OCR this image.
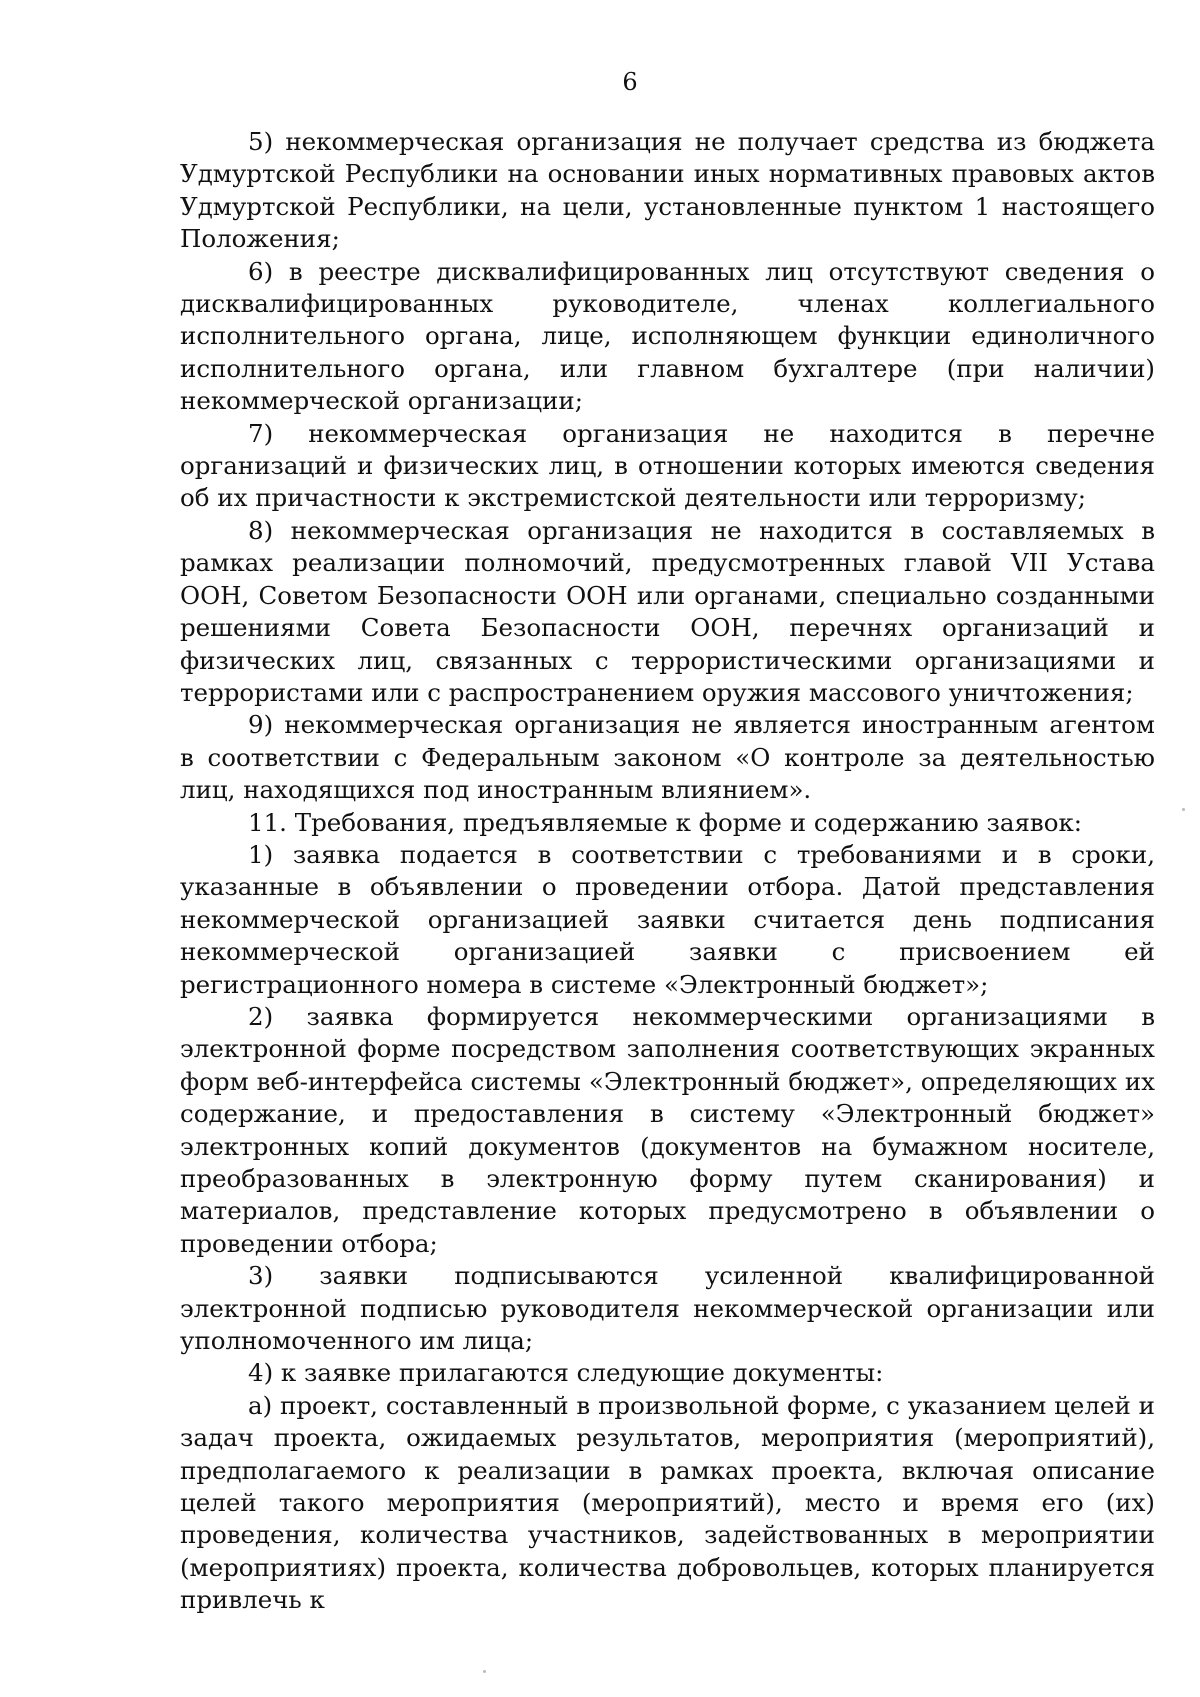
6

5) некоммерческая организация не получает средства из бюджета Удмуртской Республики на основании иных нормативных правовых актов Удмуртской Республики, на цели, установленные пунктом 1 настоящего Положения;

6) в реестре дисквалифицированных лиц отсутствуют сведения о дисквалифицированных руководителе, членах коллегиального исполнительного органа, лице, исполняющем функции единоличного исполнительного органа, или главном бухгалтере (при наличии) некоммерческой организации;

7) некоммерческая организация не находится в перечне организаций и физических лиц, в отношении которых имеются сведения об их причастности к экстремистской деятельности или терроризму;

8) некоммерческая организация не находится в составляемых в рамках реализации полномочий, предусмотренных главой VII Устава ООН, Советом Безопасности ООН или органами, специально созданными решениями Совета Безопасности ООН, перечнях организаций и физических лиц, связанных с террористическими организациями и террористами или с распространением оружия массового уничтожения;

9) некоммерческая организация не является иностранным агентом в соответствии с Федеральным законом «О контроле за деятельностью лиц, находящихся под иностранным влиянием».

11. Требования, предъявляемые к форме и содержанию заявок:

1) заявка подается в соответствии с требованиями и в сроки, указанные в объявлении о проведении отбора. Датой представления некоммерческой организацией заявки считается день подписания некоммерческой организацией заявки с присвоением ей регистрационного номера в системе «Электронный бюджет»;

2) заявка формируется некоммерческими организациями в электронной форме посредством заполнения соответствующих экранных форм веб-интерфейса системы «Электронный бюджет», определяющих их содержание, и предоставления в систему «Электронный бюджет» электронных копий документов (документов на бумажном носителе, преобразованных в электронную форму путем сканирования) и материалов, представление которых предусмотрено в объявлении о проведении отбора;

3) заявки подписываются усиленной квалифицированной электронной подписью руководителя некоммерческой организации или уполномоченного им лица;

4) к заявке прилагаются следующие документы:

а) проект, составленный в произвольной форме, с указанием целей и задач проекта, ожидаемых результатов, мероприятия (мероприятий), предполагаемого к реализации в рамках проекта, включая описание целей такого мероприятия (мероприятий), место и время его (их) проведения, количества участников, задействованных в мероприятии (мероприятиях) проекта, количества добровольцев, которых планируется привлечь к
